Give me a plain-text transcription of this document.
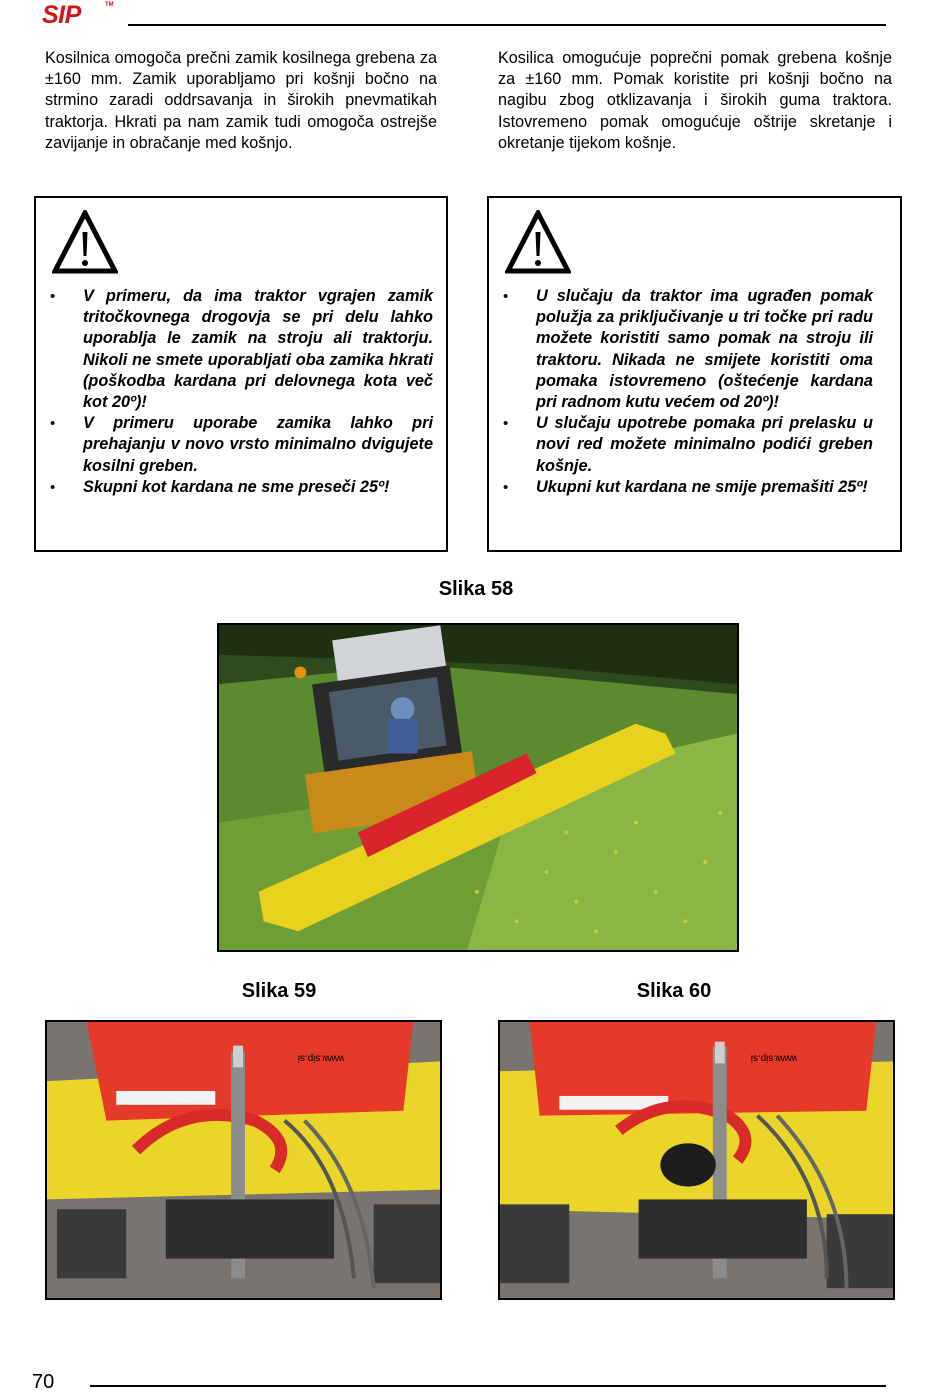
SIP	TM
Kosilnica omogoča prečni zamik kosilnega grebena za ±160 mm. Zamik uporabljamo pri košnji bočno na strmino zaradi oddrsavanja in širokih pnevmatikah traktorja. Hkrati pa nam zamik tudi omogoča ostrejše zavijanje in obračanje med košnjo.
Kosilica omogućuje poprečni pomak grebena košnje za ±160 mm. Pomak koristite pri košnji bočno na nagibu zbog otklizavanja i širokih guma traktora. Istovremeno pomak omogućuje oštrije skretanje i okretanje tijekom košnje.
• V primeru, da ima traktor vgrajen zamik tritočkovnega drogovja se pri delu lahko uporablja le zamik na stroju ali traktorju. Nikoli ne smete uporabljati oba zamika hkrati (poškodba kardana pri delovnega kota več kot 20º)!
• V primeru uporabe zamika lahko pri prehajanju v novo vrsto minimalno dvigujete kosilni greben.
• Skupni kot kardana ne sme preseči 25º!
• U slučaju da traktor ima ugrađen pomak polužja za priključivanje u tri točke pri radu možete koristiti samo pomak na stroju ili traktoru. Nikada ne smijete koristiti oma pomaka istovremeno (oštećenje kardana pri radnom kutu većem od 20º)!
• U slučaju upotrebe pomaka pri prelasku u novi red možete minimalno podići greben košnje.
• Ukupni kut kardana ne smije premašiti 25º!
Slika 58
Slika 59	Slika 60
www.sip.si	www.sip.si
70
